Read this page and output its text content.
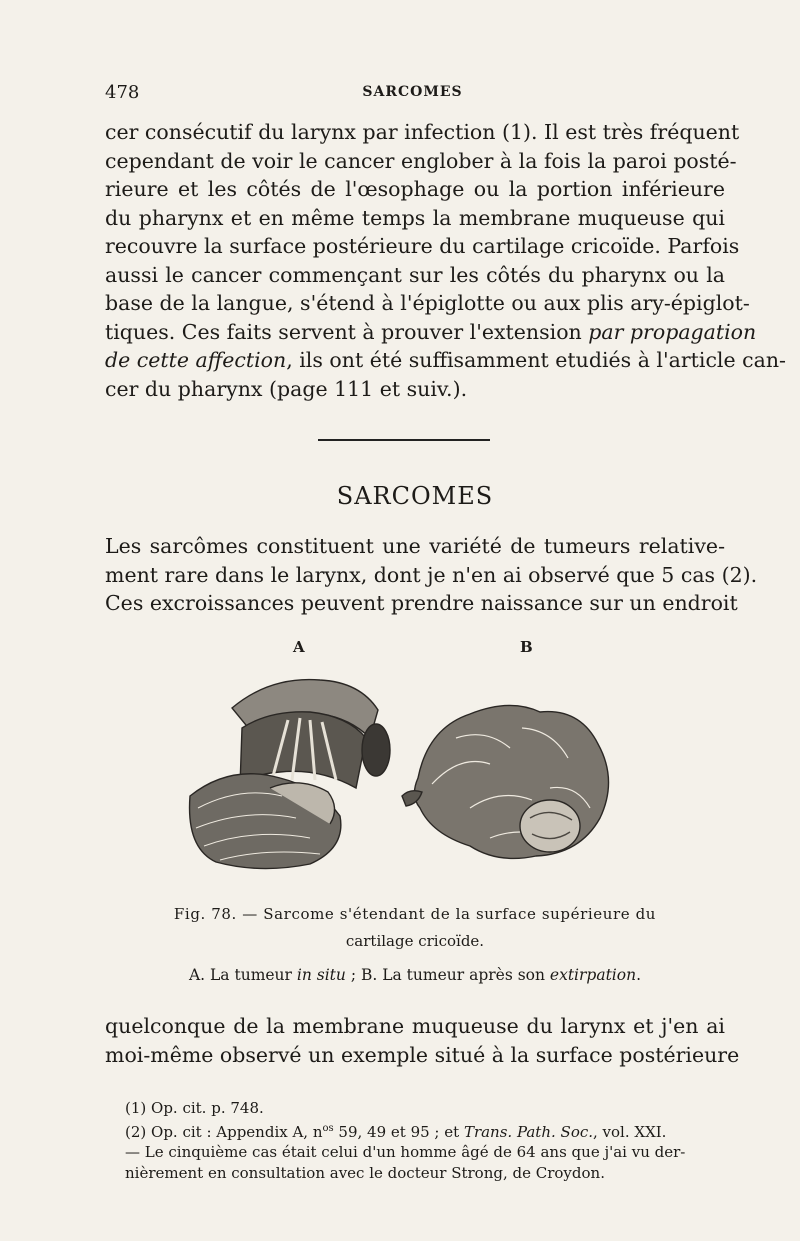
478	SARCOMES
cer consécutif du larynx par infection (1). Il est très fréquent
cependant de voir le cancer englober à la fois la paroi posté-
rieure et les côtés de l'œsophage ou la portion inférieure
du pharynx et en même temps la membrane muqueuse qui
recouvre la surface postérieure du cartilage cricoïde. Parfois
aussi le cancer commençant sur les côtés du pharynx ou la
base de la langue, s'étend à l'épiglotte ou aux plis ary-épiglot-
tiques. Ces faits servent à prouver l'extension par propagation
de cette affection, ils ont été suffisamment etudiés à l'article can-
cer du pharynx (page 111 et suiv.).
SARCOMES
Les sarcômes constituent une variété de tumeurs relative-
ment rare dans le larynx, dont je n'en ai observé que 5 cas (2).
Ces excroissances peuvent prendre naissance sur un endroit
A	B
Fig. 78. — Sarcome s'étendant de la surface supérieure du
cartilage cricoïde.
A. La tumeur in situ ; B. La tumeur après son extirpation.
quelconque de la membrane muqueuse du larynx et j'en ai
moi-même observé un exemple situé à la surface postérieure
(1) Op. cit. p. 748.
(2) Op. cit : Appendix A, $n^{os}$ 59, 49 et 95 ; et Trans. Path. Soc., vol. XXI.
— Le cinquième cas était celui d'un homme âgé de 64 ans que j'ai vu der-
nièrement en consultation avec le docteur Strong, de Croydon.
